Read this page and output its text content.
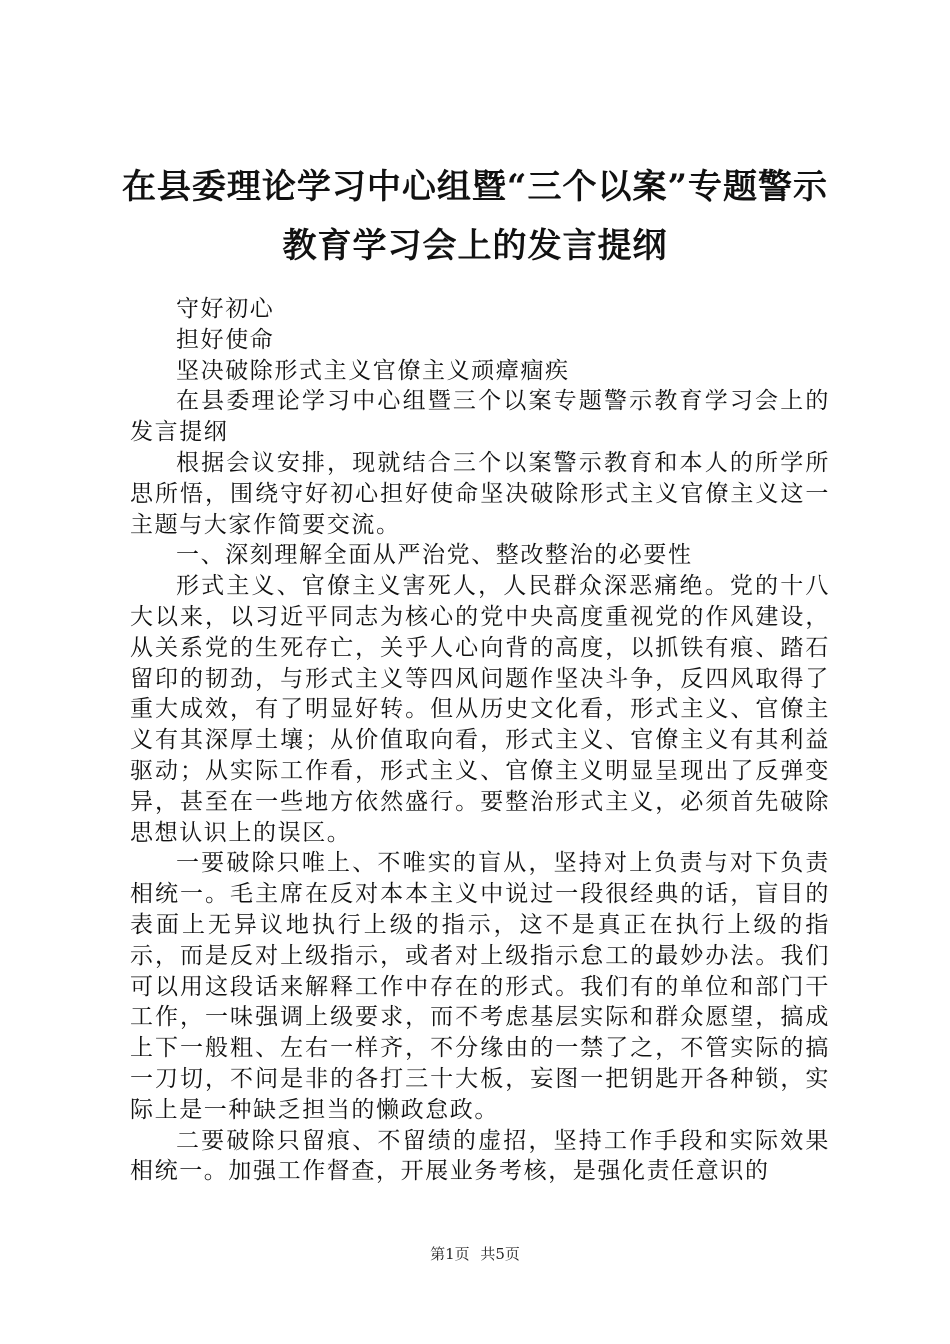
在县委理论学习中心组暨“三个以案”专题警示教育学习会上的发言提纲

守好初心

担好使命

坚决破除形式主义官僚主义顽瘴痼疾

在县委理论学习中心组暨三个以案专题警示教育学习会上的发言提纲

根据会议安排，现就结合三个以案警示教育和本人的所学所思所悟，围绕守好初心担好使命坚决破除形式主义官僚主义这一主题与大家作简要交流。

一、深刻理解全面从严治党、整改整治的必要性

形式主义、官僚主义害死人，人民群众深恶痛绝。党的十八大以来，以习近平同志为核心的党中央高度重视党的作风建设，从关系党的生死存亡，关乎人心向背的高度，以抓铁有痕、踏石留印的韧劲，与形式主义等四风问题作坚决斗争，反四风取得了重大成效，有了明显好转。但从历史文化看，形式主义、官僚主义有其深厚土壤；从价值取向看，形式主义、官僚主义有其利益驱动；从实际工作看，形式主义、官僚主义明显呈现出了反弹变异，甚至在一些地方依然盛行。要整治形式主义，必须首先破除思想认识上的误区。

一要破除只唯上、不唯实的盲从，坚持对上负责与对下负责相统一。毛主席在反对本本主义中说过一段很经典的话，盲目的表面上无异议地执行上级的指示，这不是真正在执行上级的指示，而是反对上级指示，或者对上级指示怠工的最妙办法。我们可以用这段话来解释工作中存在的形式。我们有的单位和部门干工作，一味强调上级要求，而不考虑基层实际和群众愿望，搞成上下一般粗、左右一样齐，不分缘由的一禁了之，不管实际的搞一刀切，不问是非的各打三十大板，妄图一把钥匙开各种锁，实际上是一种缺乏担当的懒政怠政。

二要破除只留痕、不留绩的虚招，坚持工作手段和实际效果相统一。加强工作督查，开展业务考核，是强化责任意识的

第1页 共5页
